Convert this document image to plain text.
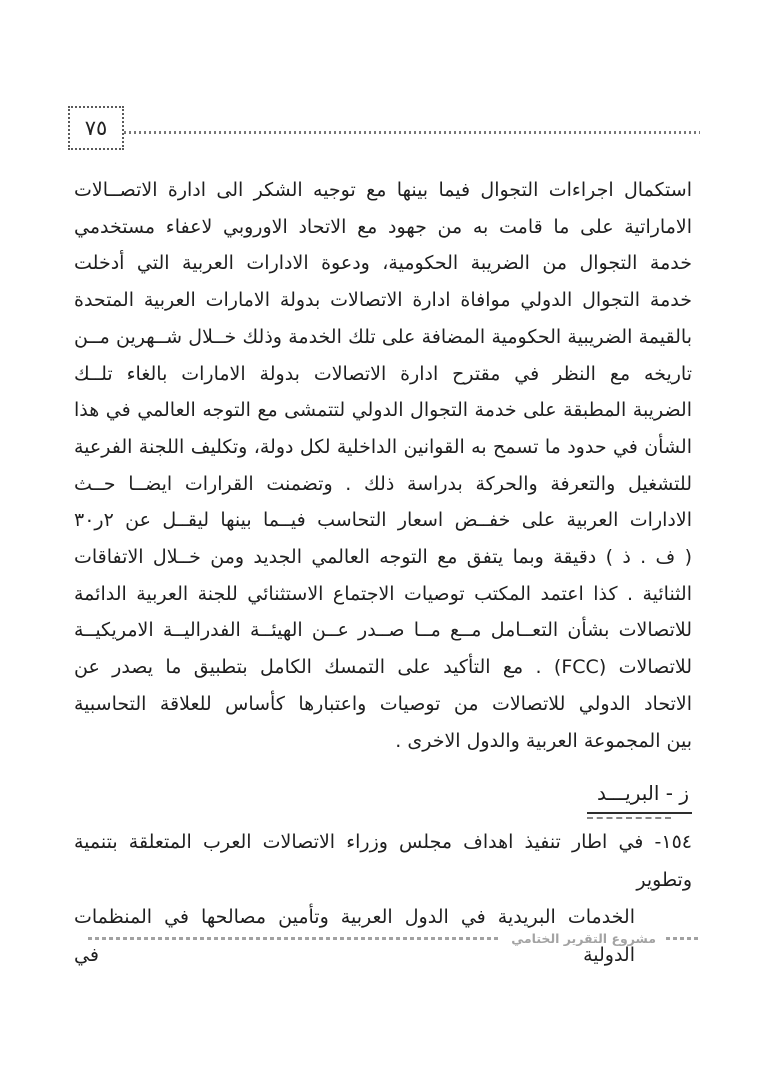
٧٥
استكمال اجراءات التجوال فيما بينها مع توجيه الشكر الى ادارة الاتصــالات
الاماراتية على ما قامت به من جهود مع الاتحاد الاوروبي لاعفاء مستخدمي
خدمة التجوال من الضريبة الحكومية، ودعوة الادارات العربية التي أدخلت
خدمة التجوال الدولي موافاة ادارة الاتصالات بدولة الامارات العربية المتحدة
بالقيمة الضريبية الحكومية المضافة على تلك الخدمة وذلك خــلال شــهرين مــن
تاريخه مع النظر في مقترح ادارة الاتصالات بدولة الامارات بالغاء تلــك
الضريبة المطبقة على خدمة التجوال الدولي لتتمشى مع التوجه العالمي في هذا
الشأن في حدود ما تسمح به القوانين الداخلية لكل دولة، وتكليف اللجنة الفرعية
للتشغيل والتعرفة والحركة بدراسة ذلك . وتضمنت القرارات ايضــا حــث
الادارات العربية على خفــض اسعار التحاسب فيــما بينها ليقــل عن ٢ر٣٠
( ف . ذ ) دقيقة وبما يتفق مع التوجه العالمي الجديد ومن خــلال الاتفاقات
الثنائية . كذا اعتمد المكتب توصيات الاجتماع الاستثنائي للجنة العربية الدائمة
للاتصالات بشأن التعــامل مــع مــا صــدر عــن الهيئــة الفدراليــة الامريكيــة
للاتصالات (FCC) . مع التأكيد على التمسك الكامل بتطبيق ما يصدر عن
الاتحاد الدولي للاتصالات من توصيات واعتبارها كأساس للعلاقة التحاسبية
بين المجموعة العربية والدول الاخرى .
ز - البريـــد
١٥٤- في اطار تنفيذ اهداف مجلس وزراء الاتصالات العرب المتعلقة بتنمية وتطوير
الخدمات البريدية في الدول العربية وتأمين مصالحها في المنظمات الدولية في
مشروع التقرير الختامي
